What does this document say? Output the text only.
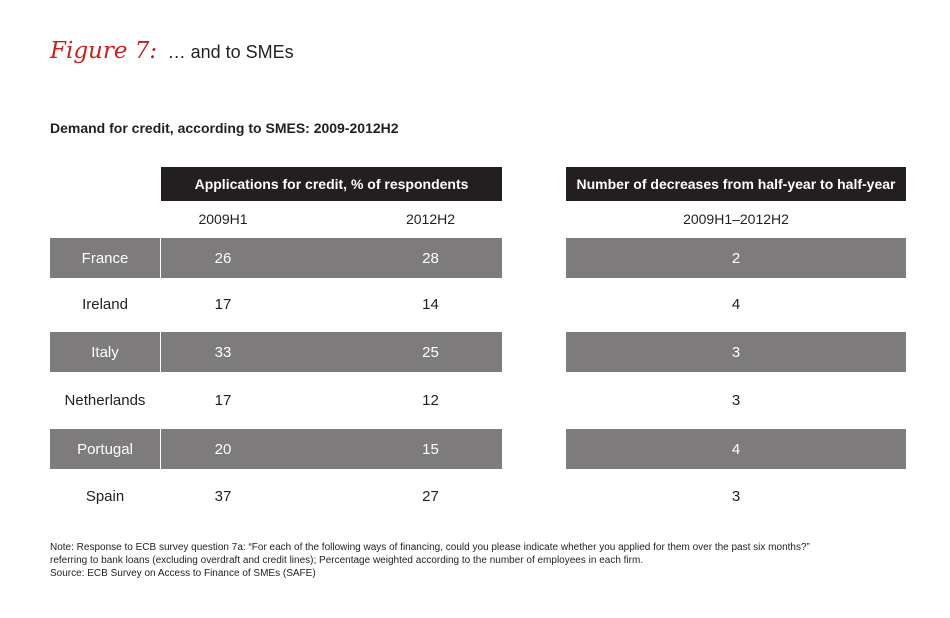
Figure 7: … and to SMEs
Demand for credit, according to SMES: 2009-2012H2
Applications for credit, % of respondents	Number of decreases from half-year to half-year
2009H1	2012H2	2009H1–2012H2
France	26	28	2
Ireland	17	14	4
Italy	33	25	3
Netherlands	17	12	3
Portugal	20	15	4
Spain	37	27	3
Note: Response to ECB survey question 7a: “For each of the following ways of financing, could you please indicate whether you applied for them over the past six months?”
referring to bank loans (excluding overdraft and credit lines); Percentage weighted according to the number of employees in each firm.
Source: ECB Survey on Access to Finance of SMEs (SAFE)
